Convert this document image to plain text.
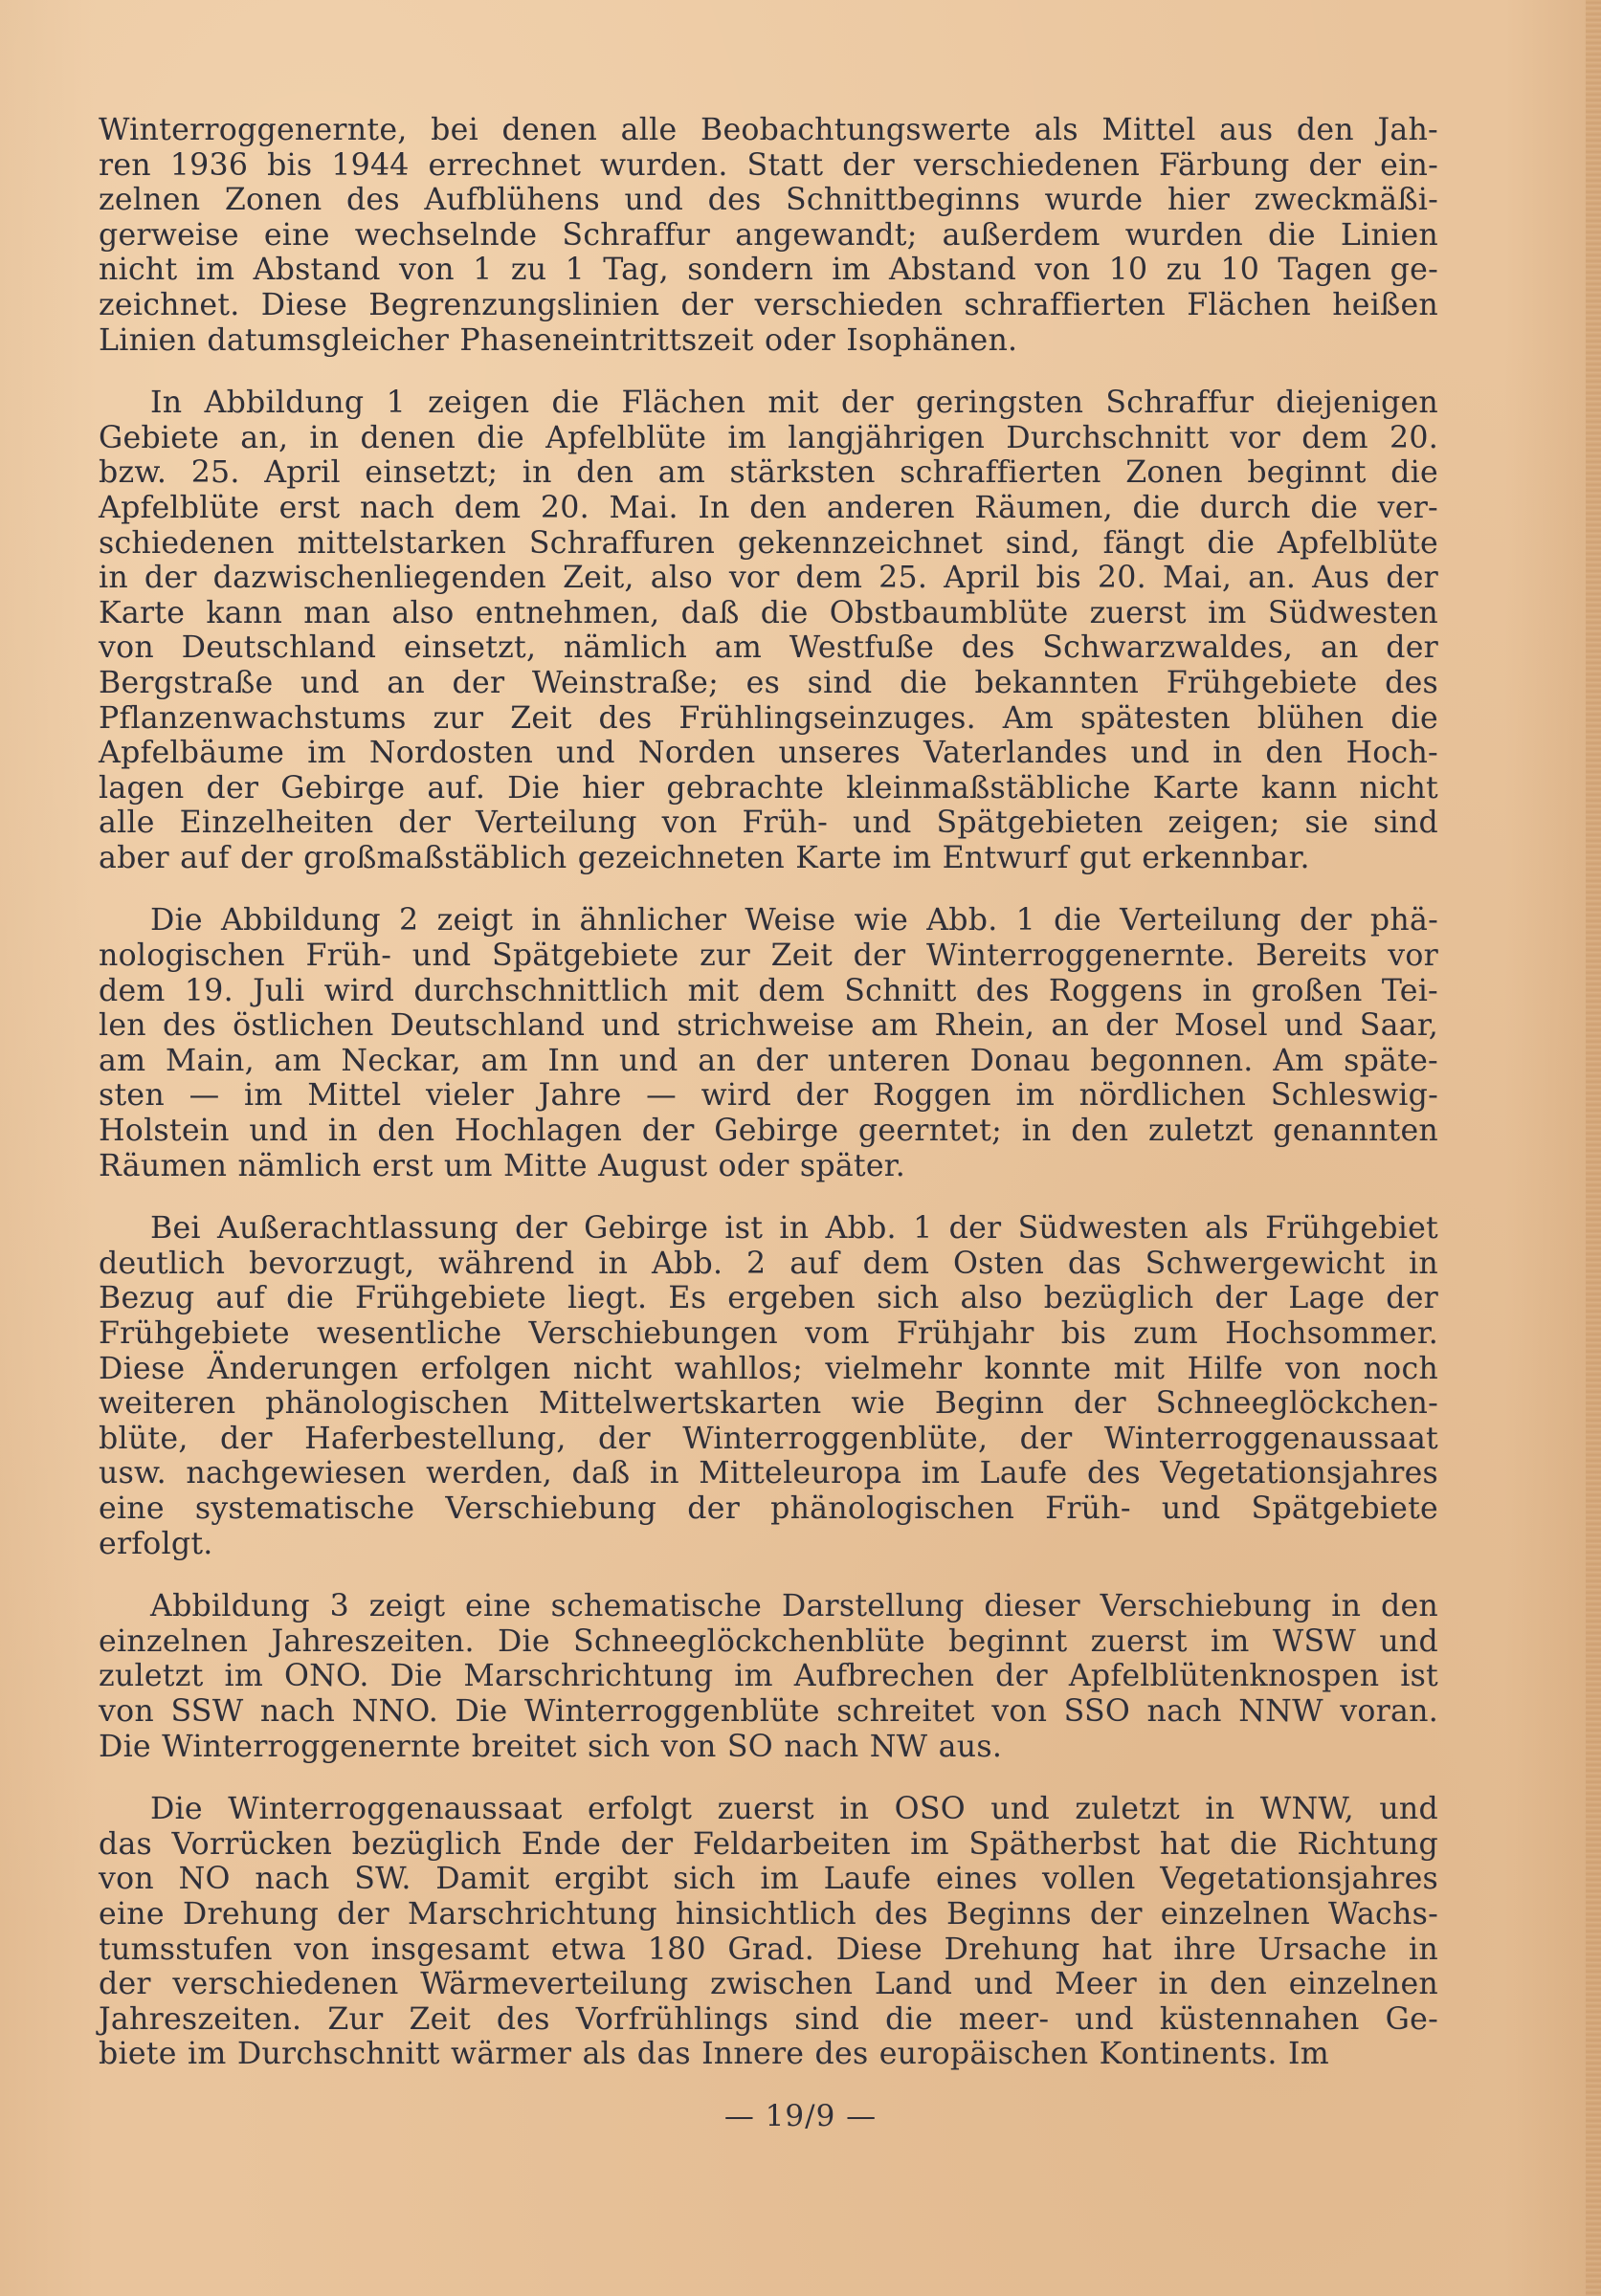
Winterroggenernte, bei denen alle Beobachtungswerte als Mittel aus den Jah-
ren 1936 bis 1944 errechnet wurden. Statt der verschiedenen Färbung der ein-
zelnen Zonen des Aufblühens und des Schnittbeginns wurde hier zweckmäßi-
gerweise eine wechselnde Schraffur angewandt; außerdem wurden die Linien
nicht im Abstand von 1 zu 1 Tag, sondern im Abstand von 10 zu 10 Tagen ge-
zeichnet. Diese Begrenzungslinien der verschieden schraffierten Flächen heißen
Linien datumsgleicher Phaseneintrittszeit oder Isophänen.

In Abbildung 1 zeigen die Flächen mit der geringsten Schraffur diejenigen
Gebiete an, in denen die Apfelblüte im langjährigen Durchschnitt vor dem 20.
bzw. 25. April einsetzt; in den am stärksten schraffierten Zonen beginnt die
Apfelblüte erst nach dem 20. Mai. In den anderen Räumen, die durch die ver-
schiedenen mittelstarken Schraffuren gekennzeichnet sind, fängt die Apfelblüte
in der dazwischenliegenden Zeit, also vor dem 25. April bis 20. Mai, an. Aus der
Karte kann man also entnehmen, daß die Obstbaumblüte zuerst im Südwesten
von Deutschland einsetzt, nämlich am Westfuße des Schwarzwaldes, an der
Bergstraße und an der Weinstraße; es sind die bekannten Frühgebiete des
Pflanzenwachstums zur Zeit des Frühlingseinzuges. Am spätesten blühen die
Apfelbäume im Nordosten und Norden unseres Vaterlandes und in den Hoch-
lagen der Gebirge auf. Die hier gebrachte kleinmaßstäbliche Karte kann nicht
alle Einzelheiten der Verteilung von Früh- und Spätgebieten zeigen; sie sind
aber auf der großmaßstäblich gezeichneten Karte im Entwurf gut erkennbar.

Die Abbildung 2 zeigt in ähnlicher Weise wie Abb. 1 die Verteilung der phä-
nologischen Früh- und Spätgebiete zur Zeit der Winterroggenernte. Bereits vor
dem 19. Juli wird durchschnittlich mit dem Schnitt des Roggens in großen Tei-
len des östlichen Deutschland und strichweise am Rhein, an der Mosel und Saar,
am Main, am Neckar, am Inn und an der unteren Donau begonnen. Am späte-
sten — im Mittel vieler Jahre — wird der Roggen im nördlichen Schleswig-
Holstein und in den Hochlagen der Gebirge geerntet; in den zuletzt genannten
Räumen nämlich erst um Mitte August oder später.

Bei Außerachtlassung der Gebirge ist in Abb. 1 der Südwesten als Frühgebiet
deutlich bevorzugt, während in Abb. 2 auf dem Osten das Schwergewicht in
Bezug auf die Frühgebiete liegt. Es ergeben sich also bezüglich der Lage der
Frühgebiete wesentliche Verschiebungen vom Frühjahr bis zum Hochsommer.
Diese Änderungen erfolgen nicht wahllos; vielmehr konnte mit Hilfe von noch
weiteren phänologischen Mittelwertskarten wie Beginn der Schneeglöckchen-
blüte, der Haferbestellung, der Winterroggenblüte, der Winterroggenaussaat
usw. nachgewiesen werden, daß in Mitteleuropa im Laufe des Vegetationsjahres
eine systematische Verschiebung der phänologischen Früh- und Spätgebiete
erfolgt.

Abbildung 3 zeigt eine schematische Darstellung dieser Verschiebung in den
einzelnen Jahreszeiten. Die Schneeglöckchenblüte beginnt zuerst im WSW und
zuletzt im ONO. Die Marschrichtung im Aufbrechen der Apfelblütenknospen ist
von SSW nach NNO. Die Winterroggenblüte schreitet von SSO nach NNW voran.
Die Winterroggenernte breitet sich von SO nach NW aus.

Die Winterroggenaussaat erfolgt zuerst in OSO und zuletzt in WNW, und
das Vorrücken bezüglich Ende der Feldarbeiten im Spätherbst hat die Richtung
von NO nach SW. Damit ergibt sich im Laufe eines vollen Vegetationsjahres
eine Drehung der Marschrichtung hinsichtlich des Beginns der einzelnen Wachs-
tumsstufen von insgesamt etwa 180 Grad. Diese Drehung hat ihre Ursache in
der verschiedenen Wärmeverteilung zwischen Land und Meer in den einzelnen
Jahreszeiten. Zur Zeit des Vorfrühlings sind die meer- und küstennahen Ge-
biete im Durchschnitt wärmer als das Innere des europäischen Kontinents. Im

— 19/9 —
